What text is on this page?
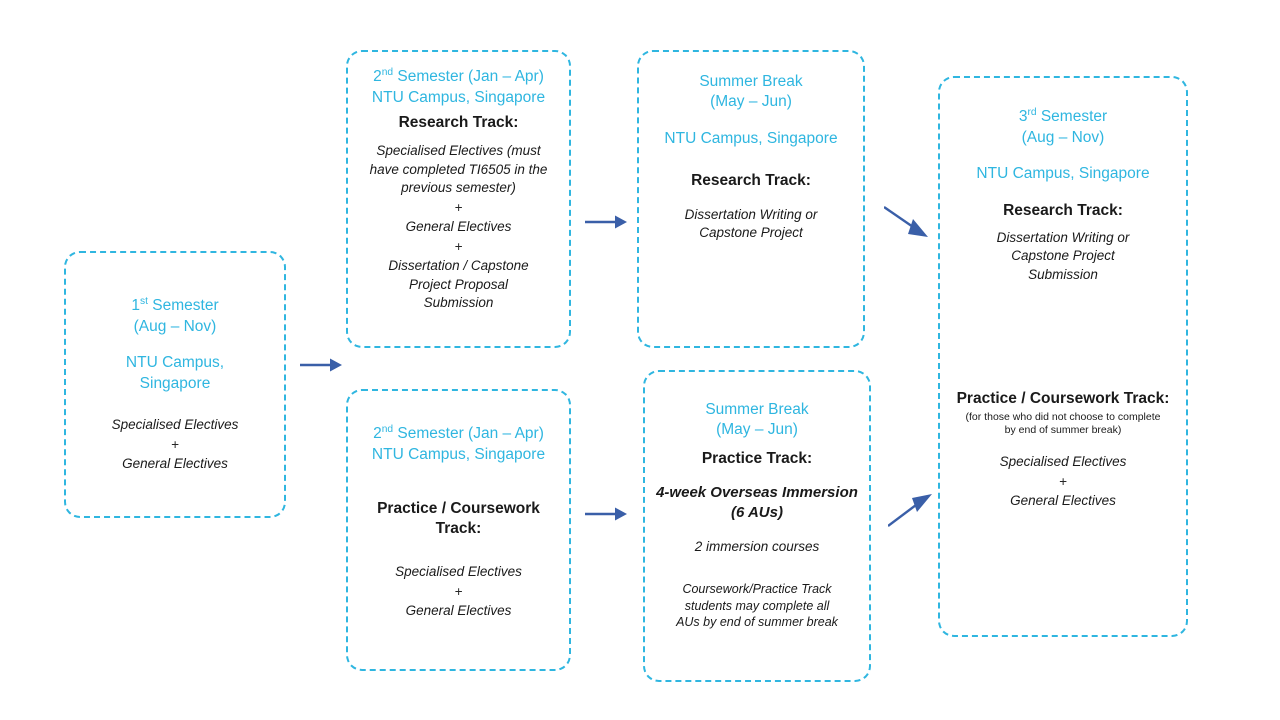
1st Semester
(Aug – Nov)
NTU Campus,
Singapore
Specialised Electives
+
General Electives
2nd Semester (Jan – Apr)
NTU Campus, Singapore
Research Track:
Specialised Electives (must have completed TI6505 in the previous semester)
+
General Electives
+
Dissertation / Capstone Project Proposal Submission
Summer Break
(May – Jun)
NTU Campus, Singapore
Research Track:
Dissertation Writing or Capstone Project
3rd Semester
(Aug – Nov)
NTU Campus, Singapore
Research Track:
Dissertation Writing or Capstone Project Submission
Practice / Coursework Track:
(for those who did not choose to complete by end of summer break)
Specialised Electives
+
General Electives
2nd Semester (Jan – Apr)
NTU Campus, Singapore
Practice / Coursework Track:
Specialised Electives
+
General Electives
Summer Break
(May – Jun)
Practice Track:
4-week Overseas Immersion (6 AUs)
2 immersion courses
Coursework/Practice Track students may complete all AUs by end of summer break
